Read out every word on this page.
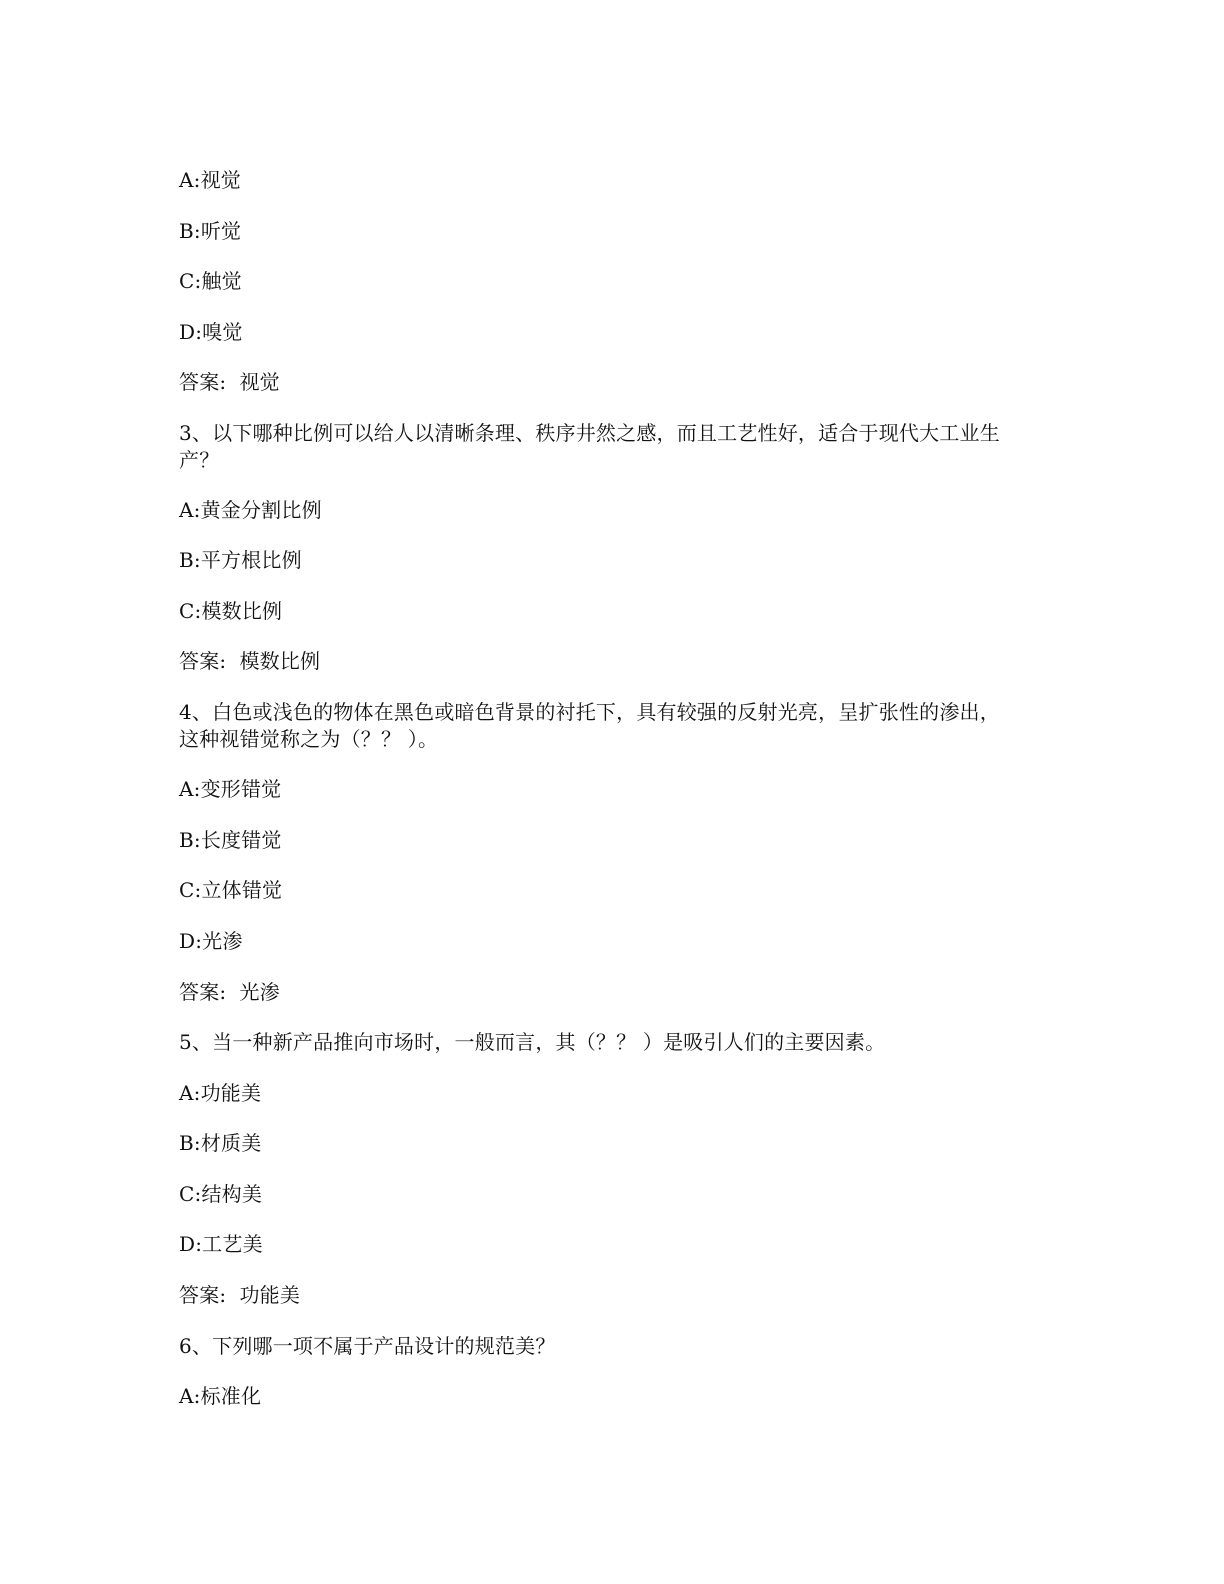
A:视觉
B:听觉
C:触觉
D:嗅觉
答案:  视觉
3、以下哪种比例可以给人以清晰条理、秩序井然之感，而且工艺性好，适合于现代大工业生
产？
A:黄金分割比例
B:平方根比例
C:模数比例
答案:  模数比例
4、白色或浅色的物体在黑色或暗色背景的衬托下，具有较强的反射光亮，呈扩张性的渗出，
这种视错觉称之为（？？ ）。
A:变形错觉
B:长度错觉
C:立体错觉
D:光渗
答案:  光渗
5、当一种新产品推向市场时，一般而言，其（？？ ）是吸引人们的主要因素。
A:功能美
B:材质美
C:结构美
D:工艺美
答案:  功能美
6、下列哪一项不属于产品设计的规范美？
A:标准化
